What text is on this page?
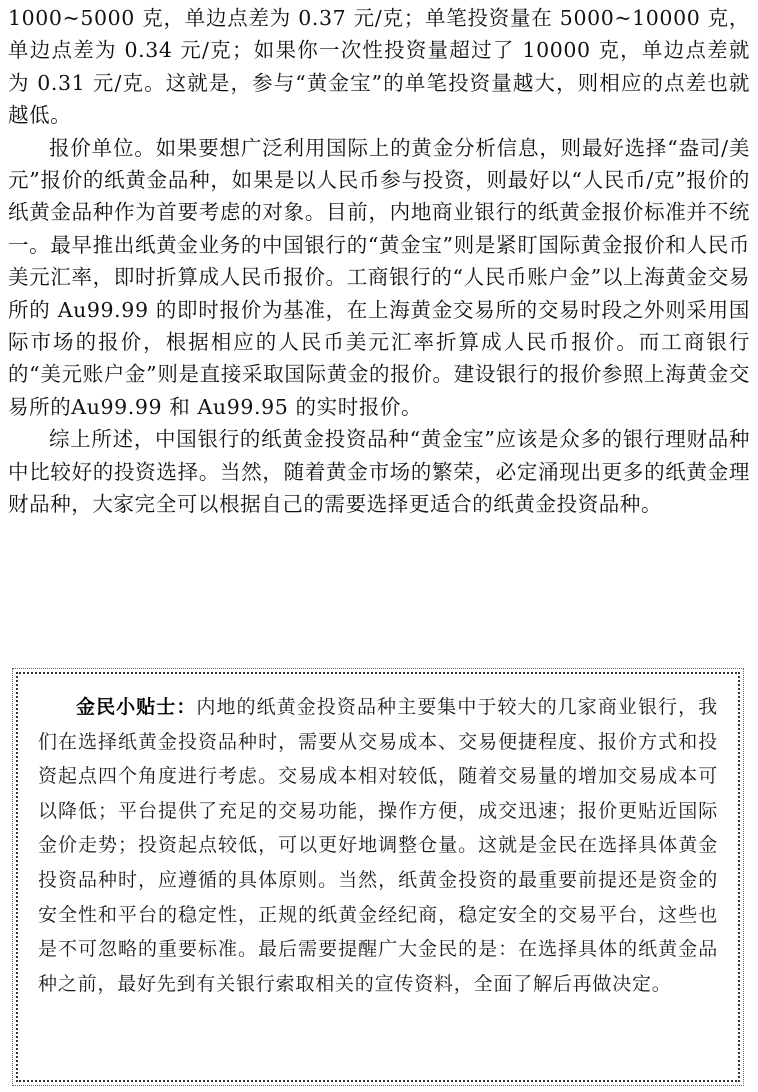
1000~5000 克，单边点差为 0.37 元/克；单笔投资量在 5000~10000 克，单边点差为 0.34 元/克；如果你一次性投资量超过了 10000 克，单边点差就为 0.31 元/克。这就是，参与“黄金宝”的单笔投资量越大，则相应的点差也就越低。

报价单位。如果要想广泛利用国际上的黄金分析信息，则最好选择“盎司/美元”报价的纸黄金品种，如果是以人民币参与投资，则最好以“人民币/克”报价的纸黄金品种作为首要考虑的对象。目前，内地商业银行的纸黄金报价标准并不统一。最早推出纸黄金业务的中国银行的“黄金宝”则是紧盯国际黄金报价和人民币美元汇率，即时折算成人民币报价。工商银行的“人民币账户金”以上海黄金交易所的 Au99.99 的即时报价为基准，在上海黄金交易所的交易时段之外则采用国际市场的报价，根据相应的人民币美元汇率折算成人民币报价。而工商银行的“美元账户金”则是直接采取国际黄金的报价。建设银行的报价参照上海黄金交易所的Au99.99 和 Au99.95 的实时报价。

综上所述，中国银行的纸黄金投资品种“黄金宝”应该是众多的银行理财品种中比较好的投资选择。当然，随着黄金市场的繁荣，必定涌现出更多的纸黄金理财品种，大家完全可以根据自己的需要选择更适合的纸黄金投资品种。

金民小贴士：内地的纸黄金投资品种主要集中于较大的几家商业银行，我们在选择纸黄金投资品种时，需要从交易成本、交易便捷程度、报价方式和投资起点四个角度进行考虑。交易成本相对较低，随着交易量的增加交易成本可以降低；平台提供了充足的交易功能，操作方便，成交迅速；报价更贴近国际金价走势；投资起点较低，可以更好地调整仓量。这就是金民在选择具体黄金投资品种时，应遵循的具体原则。当然，纸黄金投资的最重要前提还是资金的安全性和平台的稳定性，正规的纸黄金经纪商，稳定安全的交易平台，这些也是不可忽略的重要标准。最后需要提醒广大金民的是：在选择具体的纸黄金品种之前，最好先到有关银行索取相关的宣传资料，全面了解后再做决定。
